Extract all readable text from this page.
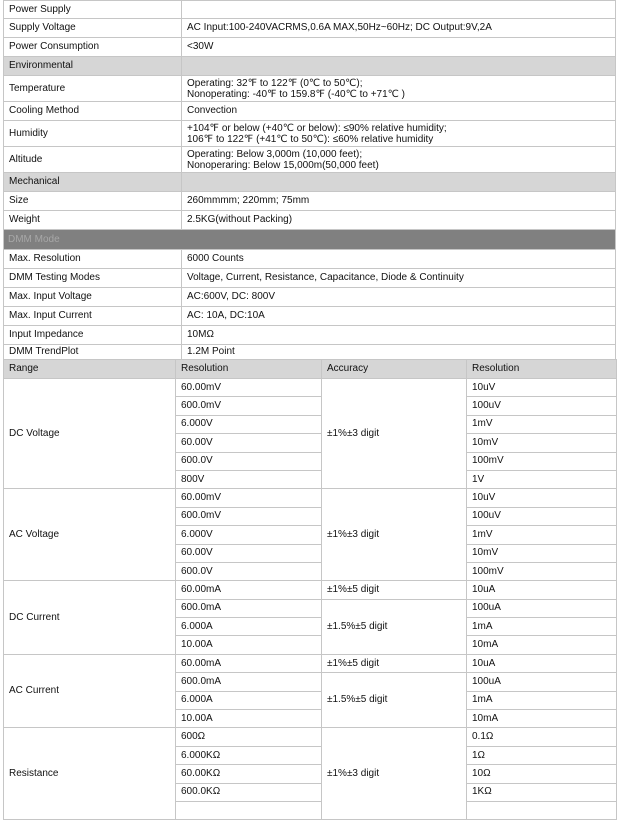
Power Supply	
Supply Voltage	AC Input:100-240VACRMS,0.6A MAX,50Hz~60Hz; DC Output:9V,2A
Power Consumption	<30W
Environmental	
Temperature	Operating: 32℉ to 122℉ (0℃ to 50℃);
Nonoperating: -40℉ to 159.8℉ (-40℃ to +71℃ )

Cooling Method	Convection
Humidity	+104℉ or below (+40℃ or below): ≤90% relative humidity;
106℉ to 122℉ (+41℃ to 50℃): ≤60% relative humidity

Altitude	Operating: Below 3,000m (10,000 feet);
Nonoperaring: Below 15,000m(50,000 feet)

Mechanical	
Size	260mmmm; 220mm; 75mm
Weight	2.5KG(without Packing)
DMM Mode	
Max. Resolution	6000 Counts
DMM Testing Modes	Voltage, Current, Resistance, Capacitance, Diode & Continuity
Max. Input Voltage	AC:600V, DC: 800V
Max. Input Current	AC: 10A, DC:10A
Input Impedance	10MΩ
DMM TrendPlot	1.2M Point
Range	Resolution	Accuracy	Resolution
DC Voltage	60.00mV	±1%±3 digit	10uV
	600.0mV		100uV
	6.000V		1mV
	60.00V		10mV
	600.0V		100mV
	800V		1V
AC Voltage	60.00mV	±1%±3 digit	10uV
	600.0mV		100uV
	6.000V		1mV
	60.00V		10mV
	600.0V		100mV
DC Current	60.00mA	±1%±5 digit	10uA
	600.0mA	±1.5%±5 digit	100uA
	6.000A		1mA
	10.00A		10mA
AC Current	60.00mA	±1%±5 digit	10uA
	600.0mA	±1.5%±5 digit	100uA
	6.000A		1mA
	10.00A		10mA
Resistance	600Ω	±1%±3 digit	0.1Ω
	6.000KΩ		1Ω
	60.00KΩ		10Ω
	600.0KΩ		1KΩ
